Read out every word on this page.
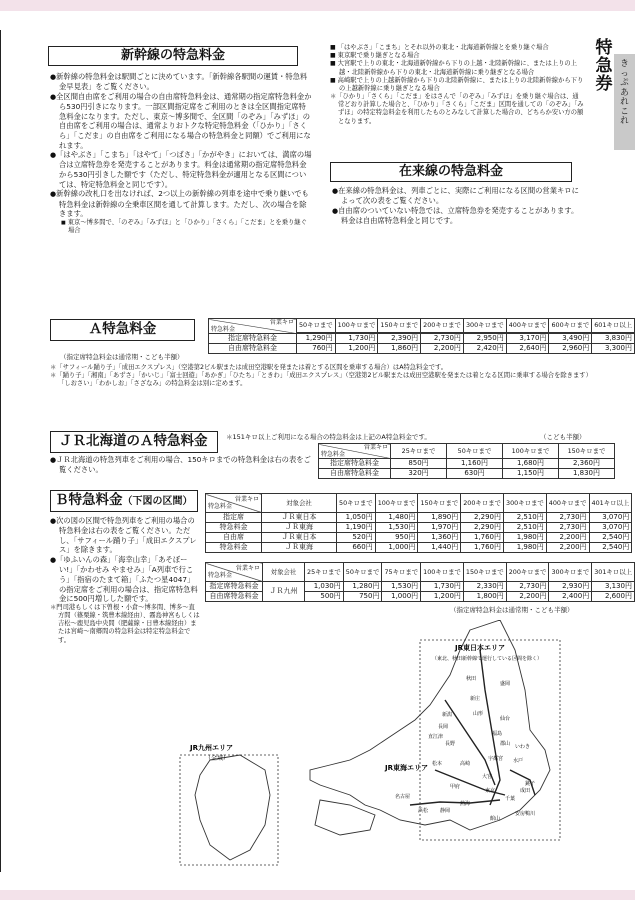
特急券
きっぷあれこれ
新幹線の特急料金

● 新幹線の特急料金は駅間ごとに決めています。「新幹線各駅間の運賃・特急料金早見表」をご覧ください。

● 全区間自由席をご利用の場合の自由席特急料金は、通常期の指定席特急料金から530円引きになります。一部区間指定席をご利用のときは全区間指定席特急料金になります。ただし、東京～博多間で、全区間「のぞみ」「みずほ」の自由席をご利用の場合は、通常よりおトクな特定特急料金（「ひかり」「さくら」「こだま」の自由席をご利用になる場合の特急料金と同額）でご利用になれます。

● 「はやぶさ」「こまち」「はやて」「つばさ」「かがやき」においては、満席の場合は立席特急券を発売することがあります。料金は通常期の指定席特急料金から530円引きした額です（ただし、特定特急料金が適用となる区間については、特定特急料金と同じです）。

● 新幹線の改札口を出なければ、2つ以上の新幹線の列車を途中で乗り継いでも特急料金は新幹線の全乗車区間を通して計算します。ただし、次の場合を除きます。

■ 東京～博多間で、「のぞみ」「みずほ」と「ひかり」「さくら」「こだま」とを乗り継ぐ場合

■ 「はやぶさ」「こまち」とそれ以外の東北・北海道新幹線とを乗り継ぐ場合

■ 東京駅で乗り継ぎとなる場合

■ 大宮駅で上りの東北・北海道新幹線から下りの上越・北陸新幹線に、または上りの上越・北陸新幹線から下りの東北・北海道新幹線に乗り継ぎとなる場合

■ 高崎駅で上りの上越新幹線から下りの北陸新幹線に、または上りの北陸新幹線から下りの上越新幹線に乗り継ぎとなる場合

＊ 「ひかり」「さくら」「こだま」をはさんで「のぞみ」「みずほ」を乗り継ぐ場合は、通常どおり計算した場合と、「ひかり」「さくら」「こだま」区間を通しての「のぞみ」「みずほ」の特定特急料金を利用したものとみなして計算した場合の、どちらか安い方の額となります。

在来線の特急料金

● 在来線の特急料金は、列車ごとに、実際にご利用になる区間の営業キロによって次の表をご覧ください。

● 自由席のついていない特急では、立席特急券を発売することがあります。料金は自由席特急料金と同じです。

Ａ特急料金	営業キロ
特急料金	50キロまで	100キロまで	150キロまで	200キロまで	300キロまで	400キロまで	600キロまで	601キロ以上

指定席特急料金	1,290円	1,730円	2,390円	2,730円	2,950円	3,170円	3,490円	3,830円
自由席特急料金	760円	1,200円	1,860円	2,200円	2,420円	2,640円	2,960円	3,300円
（指定席特急料金は通常期・こども半額）

＊ 「サフィール踊り子」「成田エクスプレス」（空港第2ビル駅または成田空港駅を発または着とする区間を乗車する場合）はA特急料金です。

＊ 「踊り子」「湘南」「あずさ」「かいじ」「富士回遊」「あかぎ」「ひたち」「ときわ」「成田エクスプレス」（空港第2ビル駅または成田空港駅を発または着となる区間に乗車する場合を除きます）「しおさい」「わかしお」「さざなみ」の特急料金は別に定めます。

ＪＲ北海道のＡ特急料金	＊151キロ以上ご利用になる場合の特急料金は上記のA特急料金です。	（こども半額）

● ＪＲ北海道の特急列車をご利用の場合、150キロまでの特急料金は右の表をご覧ください。

営業キロ
特急料金	25キロまで	50キロまで	100キロまで	150キロまで
指定席特急料金	850円	1,160円	1,680円	2,360円
自由席特急料金	320円	630円	1,150円	1,830円
Ｂ特急料金（下図の区間）

● 次の図の区間で特急列車をご利用の場合の特急料金は右の表をご覧ください。ただし、「サフィール踊り子」「成田エクスプレス」を除きます。

● 「ゆふいんの森」「海幸山幸」「あそぼーい!」「かわせみ やませみ」「A列車で行こう」「指宿のたまて箱」「ふたつ星4047」の指定席をご利用の場合は、指定席特急料金に500円増しした額です。

＊ 門司港もしくは下曽根・小倉～博多間、博多～直方間（篠栗線・筑豊本線経由）、霧島神宮もしくは吉松～鹿児島中央間（肥薩線・日豊本線経由）または宮崎～南郷間の特急料金は特定特急料金です。

営業キロ
特急料金	対象会社	50キロまで	100キロまで	150キロまで	200キロまで	300キロまで	400キロまで	401キロ以上
指定席	ＪＲ東日本	1,050円	1,480円	1,890円	2,290円	2,510円	2,730円	3,070円
特急料金	ＪＲ東海	1,190円	1,530円	1,970円	2,290円	2,510円	2,730円	3,070円
自由席	ＪＲ東日本	520円	950円	1,360円	1,760円	1,980円	2,200円	2,540円
特急料金	ＪＲ東海	660円	1,000円	1,440円	1,760円	1,980円	2,200円	2,540円
営業キロ
特急料金	対象会社	25キロまで	50キロまで	75キロまで	100キロまで	150キロまで	200キロまで	300キロまで	301キロ以上
指定席特急料金	ＪＲ九州	1,030円	1,280円	1,530円	1,730円	2,330円	2,730円	2,930円	3,130円
自由席特急料金		500円	750円	1,000円	1,200円	1,800円	2,200円	2,400円	2,600円
（指定席特急料金は通常期・こども半額）
JR東日本エリア
（東北、秋田新幹線で運行している区間を除く）
JR九州エリア
（全域）
JR東海エリア
秋田
盛岡
新庄
山形
仙台
福島
郡山
新潟
長岡
宇都宮 水戸
高崎
大宮
東京
千葉
銚子
成田
安房鴨川
館山
松本
甲府
熱海
静岡
浜松
名古屋
長野
直江津
いわき
